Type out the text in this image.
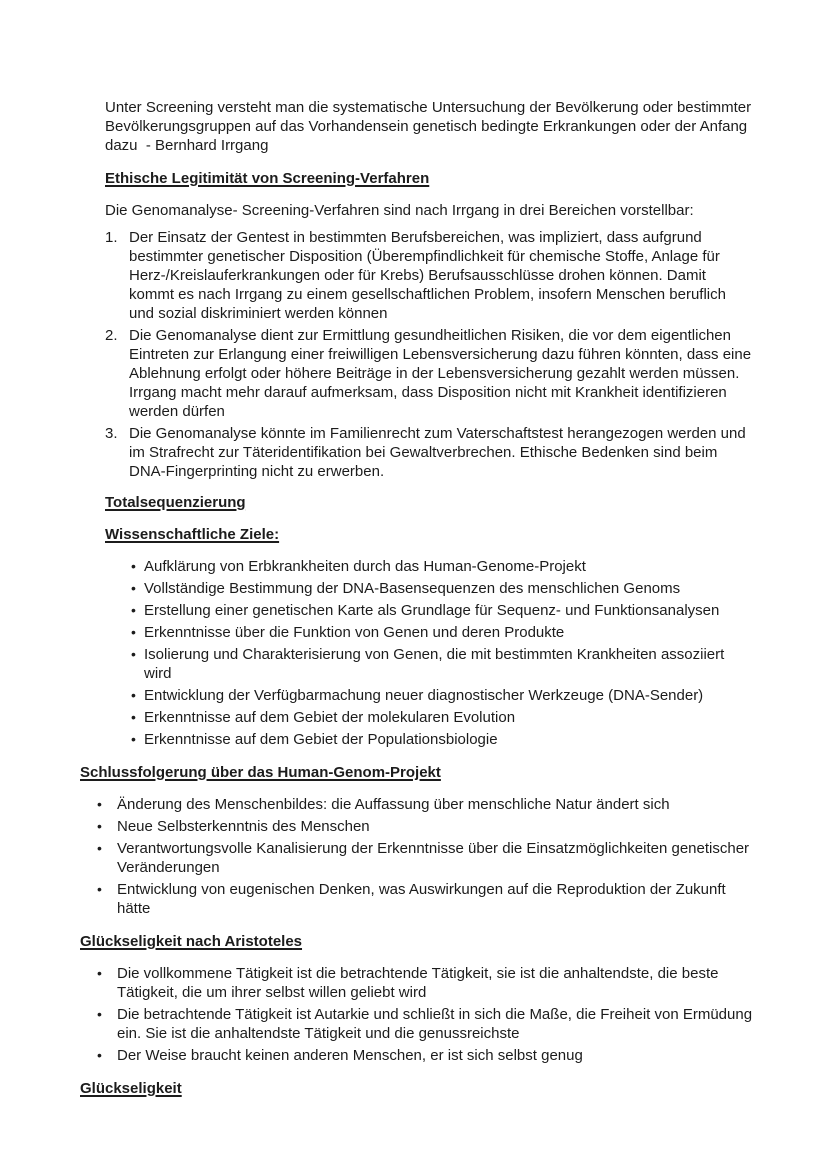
Unter Screening versteht man die systematische Untersuchung der Bevölkerung oder bestimmter Bevölkerungsgruppen auf das Vorhandensein genetisch bedingte Erkrankungen oder der Anfang dazu  - Bernhard Irrgang

Ethische Legitimität von Screening-Verfahren

Die Genomanalyse- Screening-Verfahren sind nach Irrgang in drei Bereichen vorstellbar:

1. Der Einsatz der Gentest in bestimmten Berufsbereichen, was impliziert, dass aufgrund bestimmter genetischer Disposition (Überempfindlichkeit für chemische Stoffe, Anlage für Herz-/Kreislauferkrankungen oder für Krebs) Berufsausschlüsse drohen können. Damit kommt es nach Irrgang zu einem gesellschaftlichen Problem, insofern Menschen beruflich und sozial diskriminiert werden können
2. Die Genomanalyse dient zur Ermittlung gesundheitlichen Risiken, die vor dem eigentlichen Eintreten zur Erlangung einer freiwilligen Lebensversicherung dazu führen könnten, dass eine Ablehnung erfolgt oder höhere Beiträge in der Lebensversicherung gezahlt werden müssen. Irrgang macht mehr darauf aufmerksam, dass Disposition nicht mit Krankheit identifizieren werden dürfen
3. Die Genomanalyse könnte im Familienrecht zum Vaterschaftstest herangezogen werden und im Strafrecht zur Täteridentifikation bei Gewaltverbrechen. Ethische Bedenken sind beim DNA-Fingerprinting nicht zu erwerben.
Totalsequenzierung
Wissenschaftliche Ziele:
• Aufklärung von Erbkrankheiten durch das Human-Genome-Projekt
• Vollständige Bestimmung der DNA-Basensequenzen des menschlichen Genoms
• Erstellung einer genetischen Karte als Grundlage für Sequenz- und Funktionsanalysen
• Erkenntnisse über die Funktion von Genen und deren Produkte
• Isolierung und Charakterisierung von Genen, die mit bestimmten Krankheiten assoziiert wird
• Entwicklung der Verfügbarmachung neuer diagnostischer Werkzeuge (DNA-Sender)
• Erkenntnisse auf dem Gebiet der molekularen Evolution
• Erkenntnisse auf dem Gebiet der Populationsbiologie
Schlussfolgerung über das Human-Genom-Projekt
•	Änderung des Menschenbildes: die Auffassung über menschliche Natur ändert sich
•	Neue Selbsterkenntnis des Menschen
•	Verantwortungsvolle Kanalisierung der Erkenntnisse über die Einsatzmöglichkeiten genetischer Veränderungen
•	Entwicklung von eugenischen Denken, was Auswirkungen auf die Reproduktion der Zukunft hätte
Glückseligkeit nach Aristoteles
•	Die vollkommene Tätigkeit ist die betrachtende Tätigkeit, sie ist die anhaltendste, die beste Tätigkeit, die um ihrer selbst willen geliebt wird
•	Die betrachtende Tätigkeit ist Autarkie und schließt in sich die Maße, die Freiheit von Ermüdung ein. Sie ist die anhaltendste Tätigkeit und die genussreichste
•	Der Weise braucht keinen anderen Menschen, er ist sich selbst genug
Glückseligkeit
